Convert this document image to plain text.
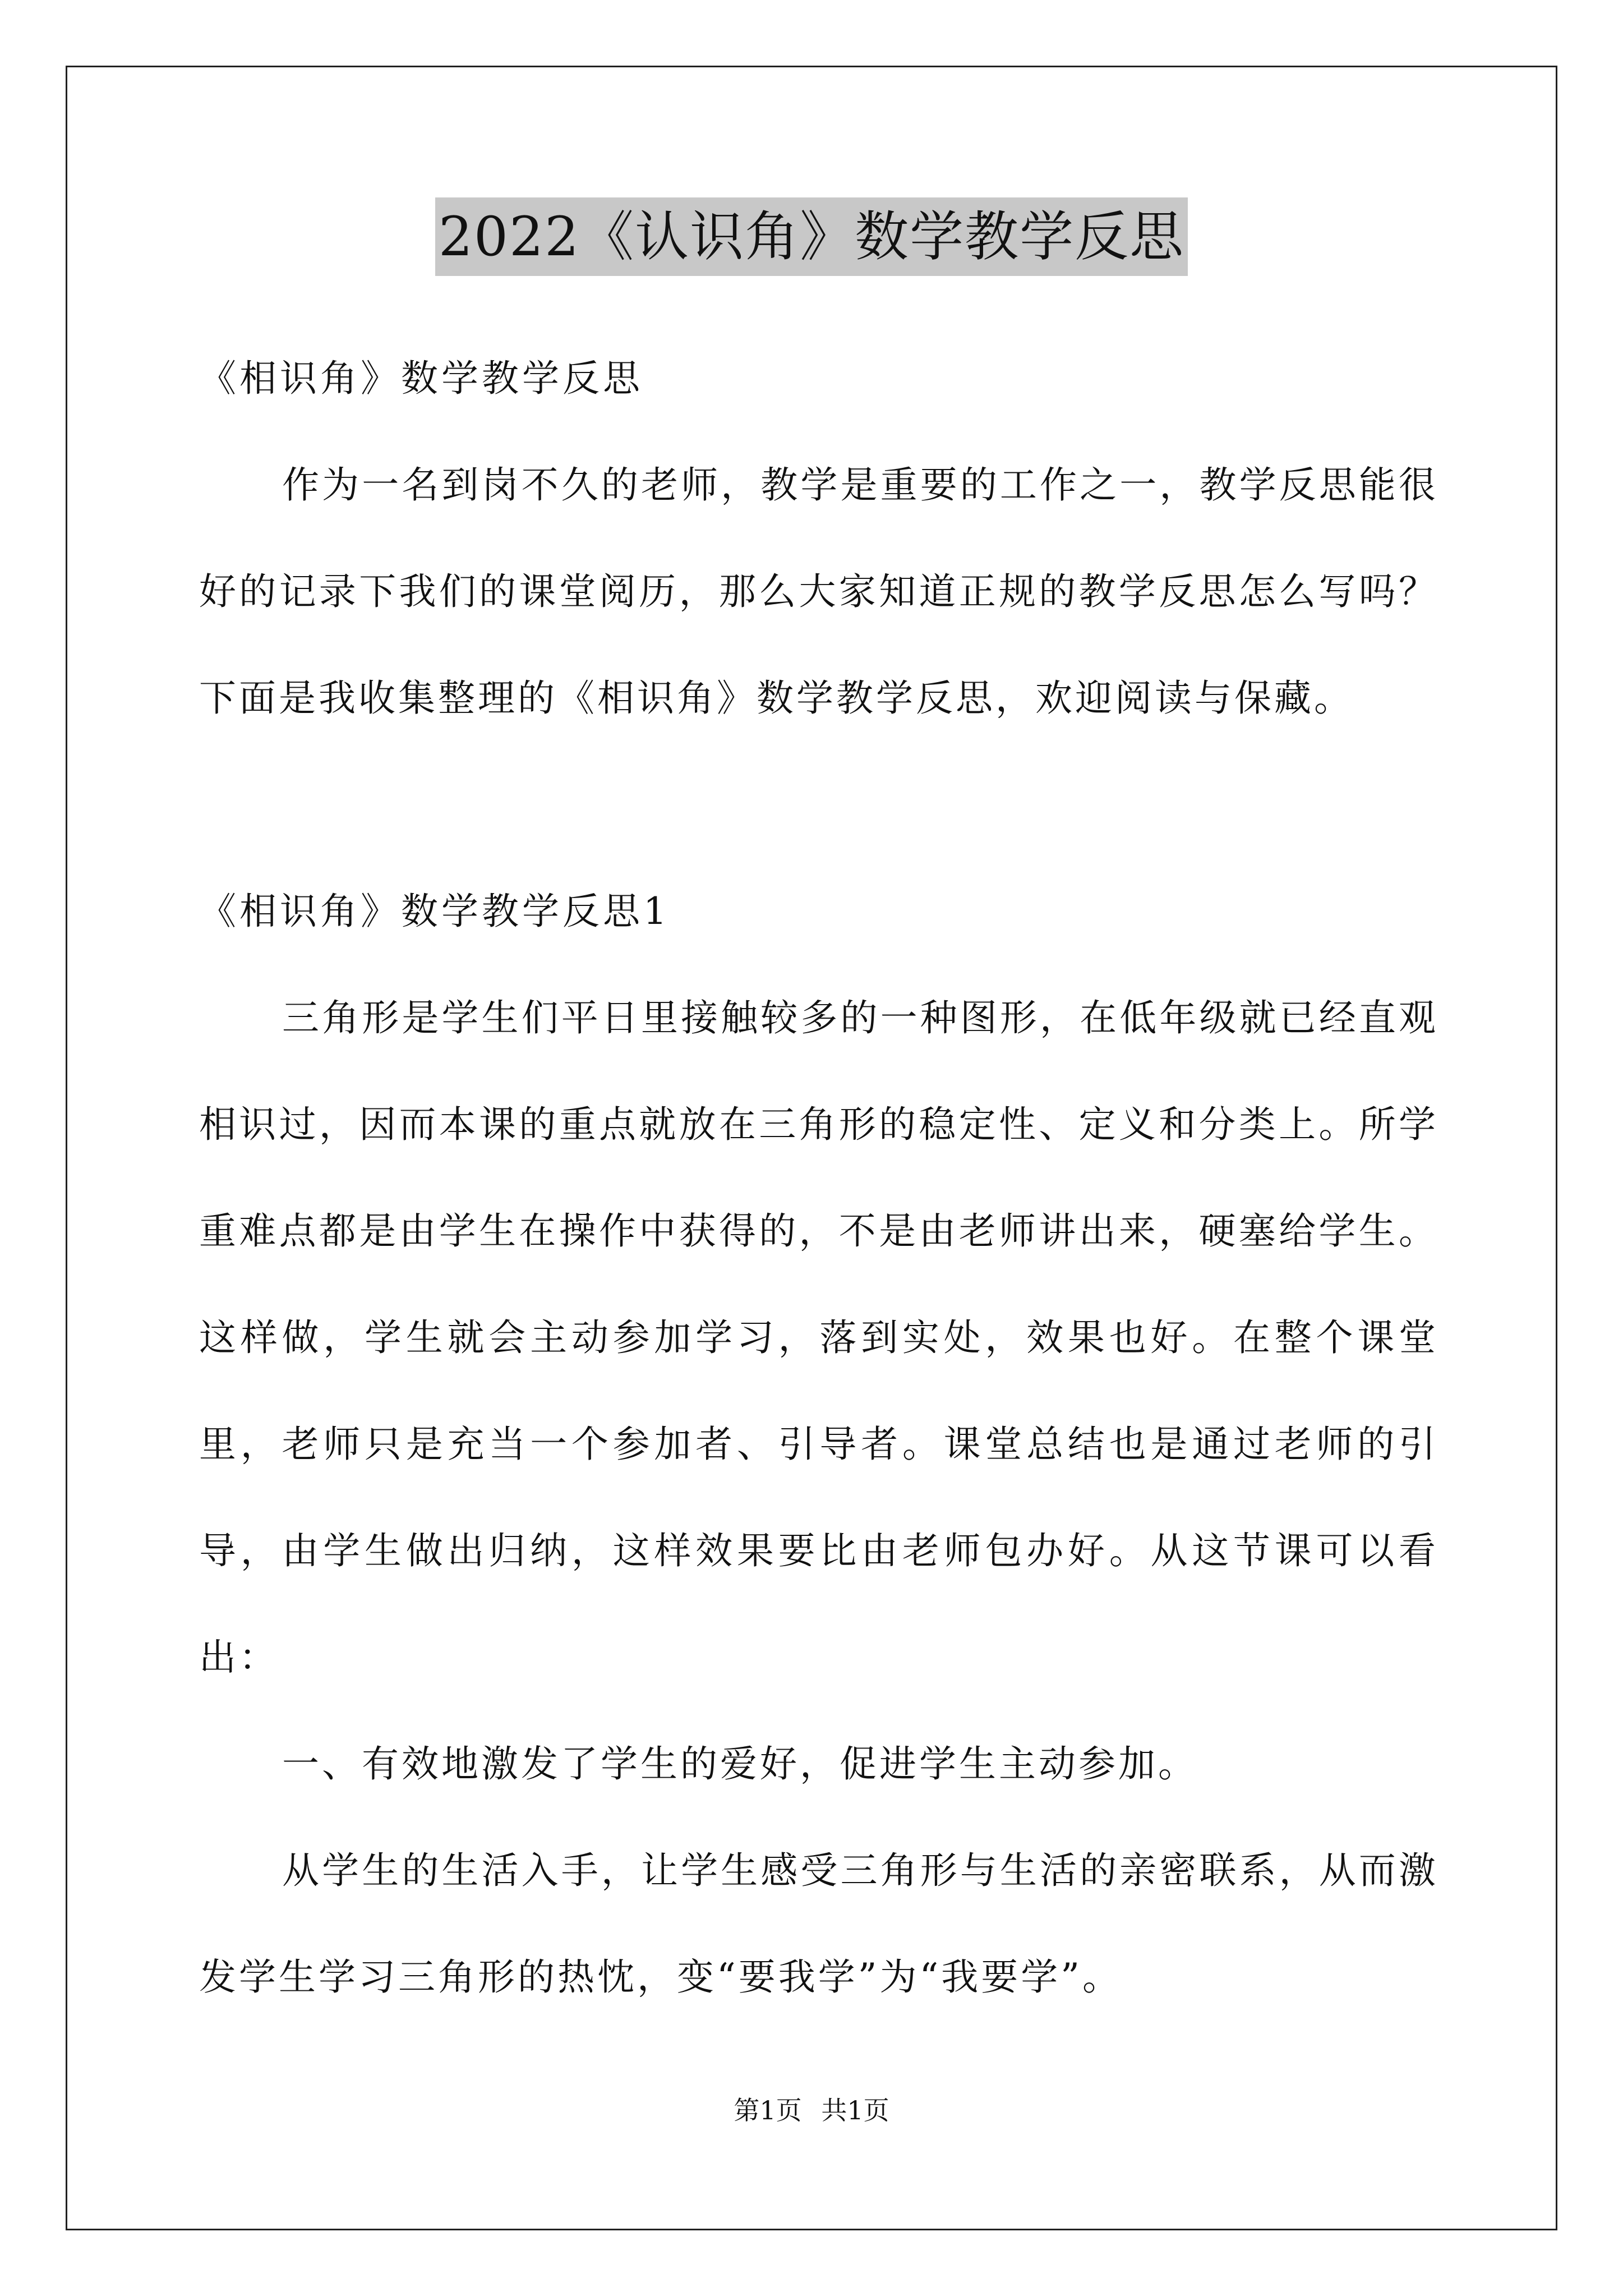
2022《认识角》数学教学反思
《相识角》数学教学反思
作为一名到岗不久的老师，教学是重要的工作之一，教学反思能很好的记录下我们的课堂阅历，那么大家知道正规的教学反思怎么写吗？下面是我收集整理的《相识角》数学教学反思，欢迎阅读与保藏。
《相识角》数学教学反思1
三角形是学生们平日里接触较多的一种图形，在低年级就已经直观相识过，因而本课的重点就放在三角形的稳定性、定义和分类上。所学重难点都是由学生在操作中获得的，不是由老师讲出来，硬塞给学生。这样做，学生就会主动参加学习，落到实处，效果也好。在整个课堂里，老师只是充当一个参加者、引导者。课堂总结也是通过老师的引导，由学生做出归纳，这样效果要比由老师包办好。从这节课可以看出：
一、有效地激发了学生的爱好，促进学生主动参加。
从学生的生活入手，让学生感受三角形与生活的亲密联系，从而激发学生学习三角形的热忱，变“要我学”为“我要学”。
第1页 共1页
